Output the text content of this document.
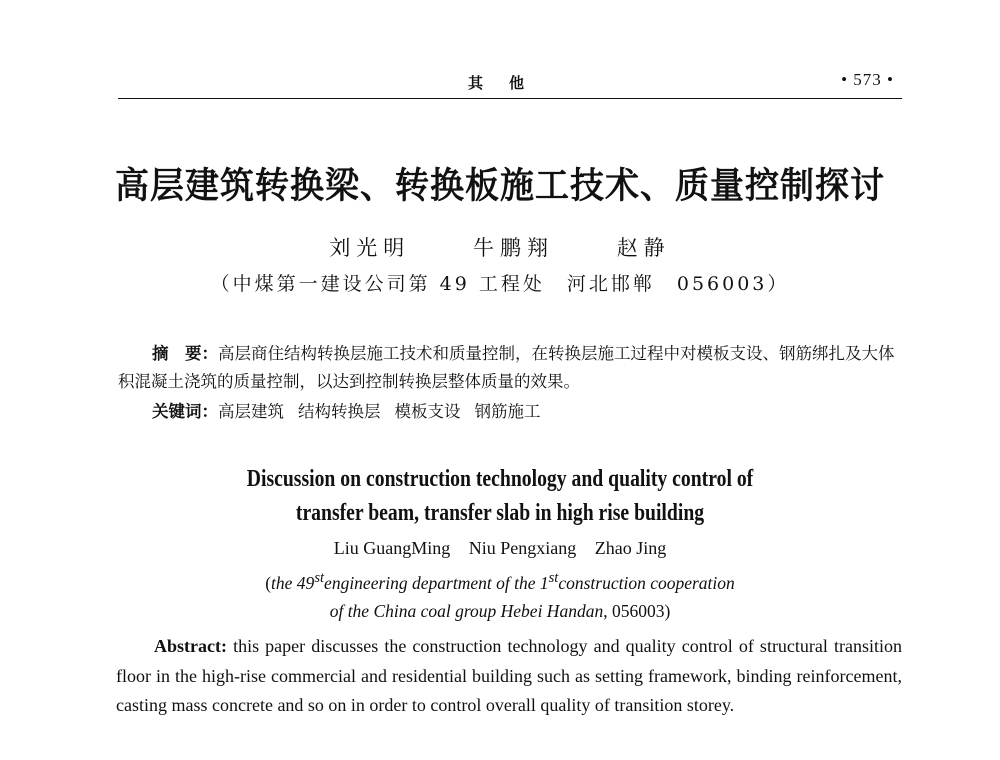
其他	• 573 •
高层建筑转换梁、转换板施工技术、质量控制探讨
刘光明	牛鹏翔	赵静
（中煤第一建设公司第 49 工程处　河北邯郸　056003）

摘　要：高层商住结构转换层施工技术和质量控制，在转换层施工过程中对模板支设、钢筋绑扎及大体积混凝土浇筑的质量控制，以达到控制转换层整体质量的效果。

关键词：高层建筑 结构转换层 模板支设 钢筋施工

Discussion on construction technology and quality control of
transfer beam, transfer slab in high rise building
Liu GuangMing Niu Pengxiang Zhao Jing
(the 49stengineering department of the 1stconstruction cooperation
of the China coal group Hebei Handan, 056003)

Abstract: this paper discusses the construction technology and quality control of structural transition floor in the high-rise commercial and residential building such as setting framework, binding reinforcement, casting mass concrete and so on in order to control overall quality of transition storey.
